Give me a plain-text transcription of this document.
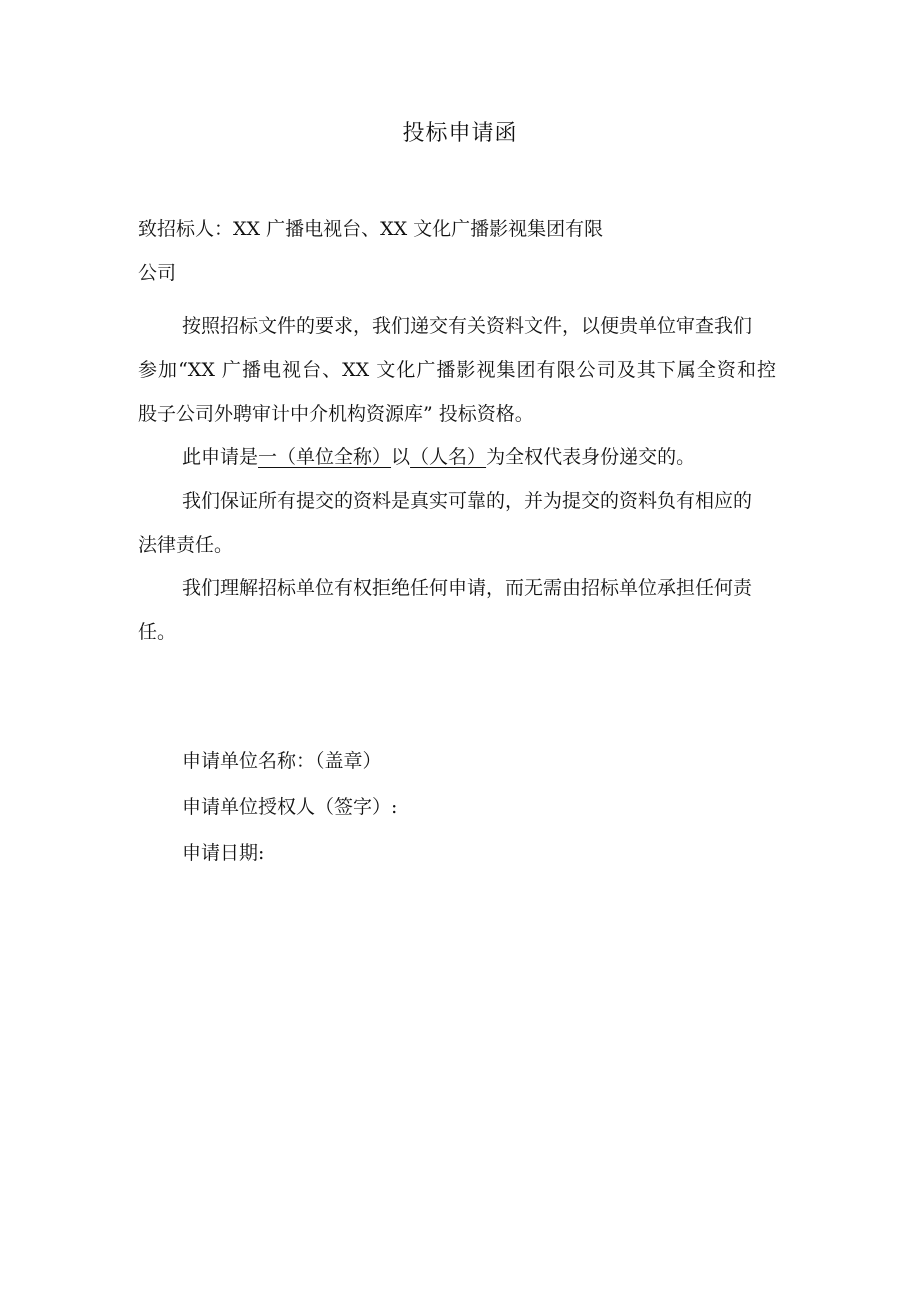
投标申请函
致招标人：XX 广播电视台、XX 文化广播影视集团有限
公司
按照招标文件的要求，我们递交有关资料文件，以便贵单位审查我们
参加“XX 广播电视台、XX 文化广播影视集团有限公司及其下属全资和控
股子公司外聘审计中介机构资源库” 投标资格。
此申请是一（单位全称）以（人名）为全权代表身份递交的。
我们保证所有提交的资料是真实可靠的，并为提交的资料负有相应的
法律责任。
我们理解招标单位有权拒绝任何申请，而无需由招标单位承担任何责
任。
申请单位名称：（盖章）
申请单位授权人（签字）:
申请日期:
